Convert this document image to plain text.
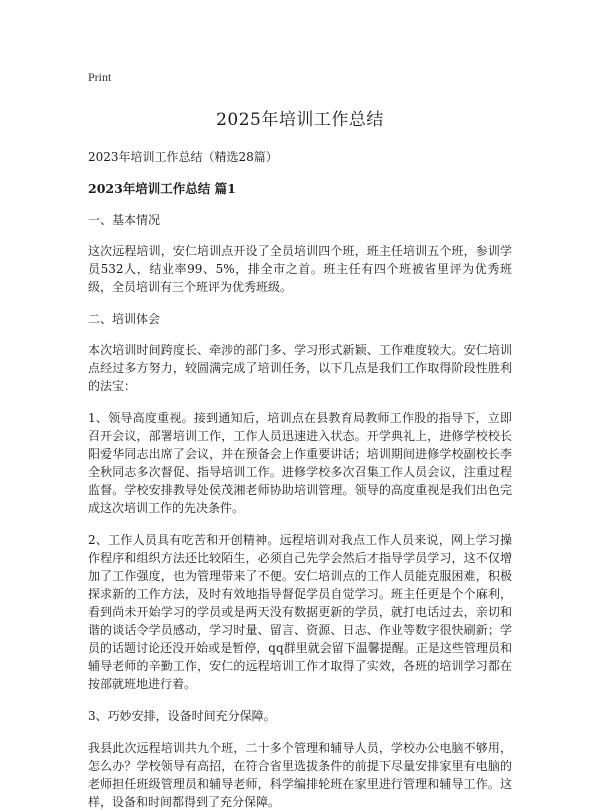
Print
2025年培训工作总结

2023年培训工作总结（精选28篇）

2023年培训工作总结 篇1

一、基本情况

这次远程培训，安仁培训点开设了全员培训四个班，班主任培训五个班，参训学员532人，结业率99、5%，排全市之首。班主任有四个班被省里评为优秀班级，全员培训有三个班评为优秀班级。

二、培训体会

本次培训时间跨度长、牵涉的部门多、学习形式新颖、工作难度较大。安仁培训点经过多方努力，较圆满完成了培训任务，以下几点是我们工作取得阶段性胜利的法宝：

1、领导高度重视。接到通知后，培训点在县教育局教师工作股的指导下，立即召开会议，部署培训工作，工作人员迅速进入状态。开学典礼上，进修学校校长阳爱华同志出席了会议，并在预备会上作重要讲话；培训期间进修学校副校长李全秋同志多次督促、指导培训工作。进修学校多次召集工作人员会议，注重过程监督。学校安排教导处侯茂湘老师协助培训管理。领导的高度重视是我们出色完成这次培训工作的先决条件。

2、工作人员具有吃苦和开创精神。远程培训对我点工作人员来说，网上学习操作程序和组织方法还比较陌生，必须自己先学会然后才指导学员学习，这不仅增加了工作强度，也为管理带来了不便。安仁培训点的工作人员能克服困难，积极探求新的工作方法，及时有效地指导督促学员自觉学习。班主任更是个个麻利，看到尚未开始学习的学员或是两天没有数据更新的学员，就打电话过去，亲切和谐的谈话令学员感动，学习时量、留言、资源、日志、作业等数字很快刷新；学员的话题讨论还没开始或是暂停，qq群里就会留下温馨提醒。正是这些管理员和辅导老师的辛勤工作，安仁的远程培训工作才取得了实效，各班的培训学习都在按部就班地进行着。

3、巧妙安排，设备时间充分保障。

我县此次远程培训共九个班，二十多个管理和辅导人员，学校办公电脑不够用，怎么办？学校领导有高招，在符合省里选拔条件的前提下尽量安排家里有电脑的老师担任班级管理员和辅导老师，科学编排轮班在家里进行管理和辅导工作。这样，设备和时间都得到了充分保障。
